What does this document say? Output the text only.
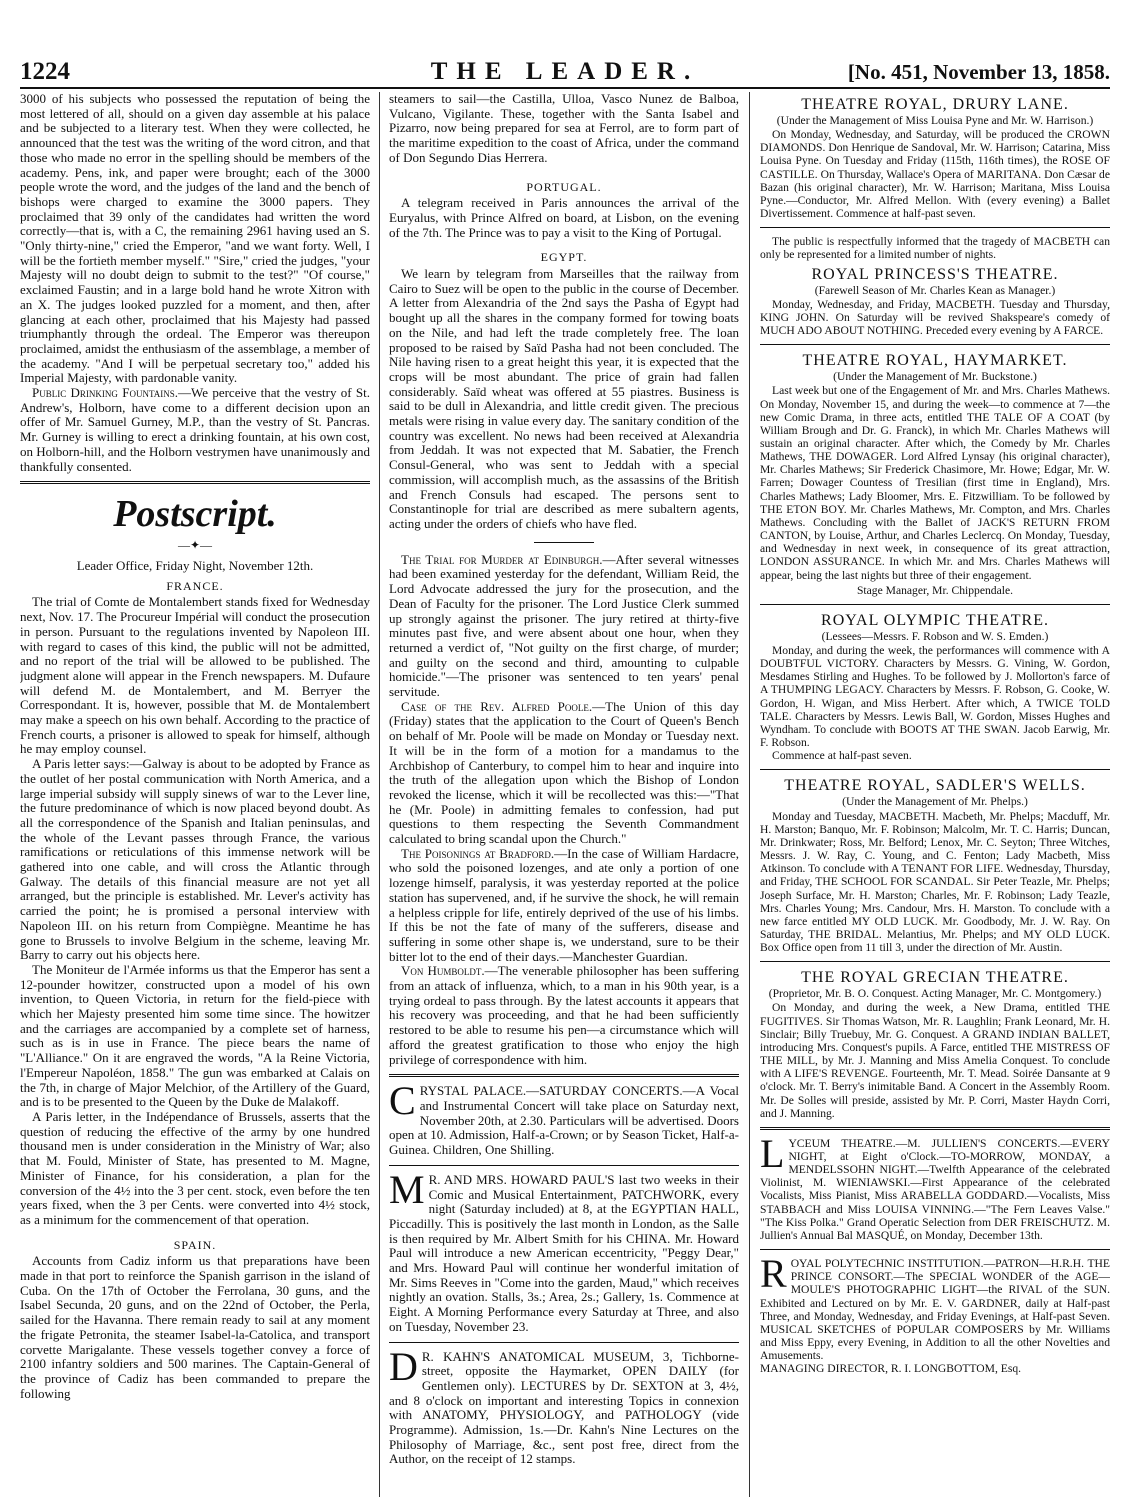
1224	THE LEADER.	[No. 451, November 13, 1858.

3000 of his subjects who possessed the reputation of being the most lettered of all, should on a given day assemble at his palace and be subjected to a literary test. When they were collected, he announced that the test was the writing of the word citron, and that those who made no error in the spelling should be members of the academy. Pens, ink, and paper were brought; each of the 3000 people wrote the word, and the judges of the land and the bench of bishops were charged to examine the 3000 papers. They proclaimed that 39 only of the candidates had written the word correctly—that is, with a C, the remaining 2961 having used an S. "Only thirty-nine," cried the Emperor, "and we want forty. Well, I will be the fortieth member myself." "Sire," cried the judges, "your Majesty will no doubt deign to submit to the test?" "Of course," exclaimed Faustin; and in a large bold hand he wrote Xitron with an X. The judges looked puzzled for a moment, and then, after glancing at each other, proclaimed that his Majesty had passed triumphantly through the ordeal. The Emperor was thereupon proclaimed, amidst the enthusiasm of the assemblage, a member of the academy. "And I will be perpetual secretary too," added his Imperial Majesty, with pardonable vanity.

Public Drinking Fountains.—We perceive that the vestry of St. Andrew's, Holborn, have come to a different decision upon an offer of Mr. Samuel Gurney, M.P., than the vestry of St. Pancras. Mr. Gurney is willing to erect a drinking fountain, at his own cost, on Holborn-hill, and the Holborn vestrymen have unanimously and thankfully consented.

Postscript.
—✦—
Leader Office, Friday Night, November 12th.
FRANCE.

The trial of Comte de Montalembert stands fixed for Wednesday next, Nov. 17. The Procureur Impérial will conduct the prosecution in person. Pursuant to the regulations invented by Napoleon III. with regard to cases of this kind, the public will not be admitted, and no report of the trial will be allowed to be published. The judgment alone will appear in the French newspapers. M. Dufaure will defend M. de Montalembert, and M. Berryer the Correspondant. It is, however, possible that M. de Montalembert may make a speech on his own behalf. According to the practice of French courts, a prisoner is allowed to speak for himself, although he may employ counsel.

A Paris letter says:—Galway is about to be adopted by France as the outlet of her postal communication with North America, and a large imperial subsidy will supply sinews of war to the Lever line, the future predominance of which is now placed beyond doubt. As all the correspondence of the Spanish and Italian peninsulas, and the whole of the Levant passes through France, the various ramifications or reticulations of this immense network will be gathered into one cable, and will cross the Atlantic through Galway. The details of this financial measure are not yet all arranged, but the principle is established. Mr. Lever's activity has carried the point; he is promised a personal interview with Napoleon III. on his return from Compiègne. Meantime he has gone to Brussels to involve Belgium in the scheme, leaving Mr. Barry to carry out his objects here.

The Moniteur de l'Armée informs us that the Emperor has sent a 12-pounder howitzer, constructed upon a model of his own invention, to Queen Victoria, in return for the field-piece with which her Majesty presented him some time since. The howitzer and the carriages are accompanied by a complete set of harness, such as is in use in France. The piece bears the name of "L'Alliance." On it are engraved the words, "A la Reine Victoria, l'Empereur Napoléon, 1858." The gun was embarked at Calais on the 7th, in charge of Major Melchior, of the Artillery of the Guard, and is to be presented to the Queen by the Duke de Malakoff.

A Paris letter, in the Indépendance of Brussels, asserts that the question of reducing the effective of the army by one hundred thousand men is under consideration in the Ministry of War; also that M. Fould, Minister of State, has presented to M. Magne, Minister of Finance, for his consideration, a plan for the conversion of the 4½ into the 3 per cent. stock, even before the ten years fixed, when the 3 per Cents. were converted into 4½ stock, as a minimum for the commencement of that operation.

SPAIN.

Accounts from Cadiz inform us that preparations have been made in that port to reinforce the Spanish garrison in the island of Cuba. On the 17th of October the Ferrolana, 30 guns, and the Isabel Secunda, 20 guns, and on the 22nd of October, the Perla, sailed for the Havanna. There remain ready to sail at any moment the frigate Petronita, the steamer Isabel-la-Catolica, and transport corvette Marigalante. These vessels together convey a force of 2100 infantry soldiers and 500 marines. The Captain-General of the province of Cadiz has been commanded to prepare the following

steamers to sail—the Castilla, Ulloa, Vasco Nunez de Balboa, Vulcano, Vigilante. These, together with the Santa Isabel and Pizarro, now being prepared for sea at Ferrol, are to form part of the maritime expedition to the coast of Africa, under the command of Don Segundo Dias Herrera.

PORTUGAL.

A telegram received in Paris announces the arrival of the Euryalus, with Prince Alfred on board, at Lisbon, on the evening of the 7th. The Prince was to pay a visit to the King of Portugal.

EGYPT.

We learn by telegram from Marseilles that the railway from Cairo to Suez will be open to the public in the course of December. A letter from Alexandria of the 2nd says the Pasha of Egypt had bought up all the shares in the company formed for towing boats on the Nile, and had left the trade completely free. The loan proposed to be raised by Saïd Pasha had not been concluded. The Nile having risen to a great height this year, it is expected that the crops will be most abundant. The price of grain had fallen considerably. Saïd wheat was offered at 55 piastres. Business is said to be dull in Alexandria, and little credit given. The precious metals were rising in value every day. The sanitary condition of the country was excellent. No news had been received at Alexandria from Jeddah. It was not expected that M. Sabatier, the French Consul-General, who was sent to Jeddah with a special commission, will accomplish much, as the assassins of the British and French Consuls had escaped. The persons sent to Constantinople for trial are described as mere subaltern agents, acting under the orders of chiefs who have fled.

The Trial for Murder at Edinburgh.—After several witnesses had been examined yesterday for the defendant, William Reid, the Lord Advocate addressed the jury for the prosecution, and the Dean of Faculty for the prisoner. The Lord Justice Clerk summed up strongly against the prisoner. The jury retired at thirty-five minutes past five, and were absent about one hour, when they returned a verdict of, "Not guilty on the first charge, of murder; and guilty on the second and third, amounting to culpable homicide."—The prisoner was sentenced to ten years' penal servitude.

Case of the Rev. Alfred Poole.—The Union of this day (Friday) states that the application to the Court of Queen's Bench on behalf of Mr. Poole will be made on Monday or Tuesday next. It will be in the form of a motion for a mandamus to the Archbishop of Canterbury, to compel him to hear and inquire into the truth of the allegation upon which the Bishop of London revoked the license, which it will be recollected was this:—"That he (Mr. Poole) in admitting females to confession, had put questions to them respecting the Seventh Commandment calculated to bring scandal upon the Church."

The Poisonings at Bradford.—In the case of William Hardacre, who sold the poisoned lozenges, and ate only a portion of one lozenge himself, paralysis, it was yesterday reported at the police station has supervened, and, if he survive the shock, he will remain a helpless cripple for life, entirely deprived of the use of his limbs. If this be not the fate of many of the sufferers, disease and suffering in some other shape is, we understand, sure to be their bitter lot to the end of their days.—Manchester Guardian.

Von Humboldt.—The venerable philosopher has been suffering from an attack of influenza, which, to a man in his 90th year, is a trying ordeal to pass through. By the latest accounts it appears that his recovery was proceeding, and that he had been sufficiently restored to be able to resume his pen—a circumstance which will afford the greatest gratification to those who enjoy the high privilege of correspondence with him.

CRYSTAL PALACE.—SATURDAY CONCERTS.—A Vocal and Instrumental Concert will take place on Saturday next, November 20th, at 2.30. Particulars will be advertised. Doors open at 10. Admission, Half-a-Crown; or by Season Ticket, Half-a-Guinea. Children, One Shilling.

M R. AND MRS. HOWARD PAUL'S last two weeks in their Comic and Musical Entertainment, PATCHWORK, every night (Saturday included) at 8, at the EGYPTIAN HALL, Piccadilly. This is positively the last month in London, as the Salle is then required by Mr. Albert Smith for his CHINA. Mr. Howard Paul will introduce a new American eccentricity, "Peggy Dear," and Mrs. Howard Paul will continue her wonderful imitation of Mr. Sims Reeves in "Come into the garden, Maud," which receives nightly an ovation. Stalls, 3s.; Area, 2s.; Gallery, 1s. Commence at Eight. A Morning Performance every Saturday at Three, and also on Tuesday, November 23.

D R. KAHN'S ANATOMICAL MUSEUM, 3, Tichborne-street, opposite the Haymarket, OPEN DAILY (for Gentlemen only). LECTURES by Dr. SEXTON at 3, 4½, and 8 o'clock on important and interesting Topics in connexion with ANATOMY, PHYSIOLOGY, and PATHOLOGY (vide Programme). Admission, 1s.—Dr. Kahn's Nine Lectures on the Philosophy of Marriage, &c., sent post free, direct from the Author, on the receipt of 12 stamps.

THEATRE ROYAL, DRURY LANE.
(Under the Management of Miss Louisa Pyne and Mr. W. Harrison.)

On Monday, Wednesday, and Saturday, will be produced the CROWN DIAMONDS. Don Henrique de Sandoval, Mr. W. Harrison; Catarina, Miss Louisa Pyne. On Tuesday and Friday (115th, 116th times), the ROSE OF CASTILLE. On Thursday, Wallace's Opera of MARITANA. Don Cæsar de Bazan (his original character), Mr. W. Harrison; Maritana, Miss Louisa Pyne.—Conductor, Mr. Alfred Mellon. With (every evening) a Ballet Divertissement. Commence at half-past seven.

The public is respectfully informed that the tragedy of MACBETH can only be represented for a limited number of nights.

ROYAL PRINCESS'S THEATRE.
(Farewell Season of Mr. Charles Kean as Manager.)

Monday, Wednesday, and Friday, MACBETH. Tuesday and Thursday, KING JOHN. On Saturday will be revived Shakspeare's comedy of MUCH ADO ABOUT NOTHING. Preceded every evening by A FARCE.

THEATRE ROYAL, HAYMARKET.
(Under the Management of Mr. Buckstone.)

Last week but one of the Engagement of Mr. and Mrs. Charles Mathews. On Monday, November 15, and during the week—to commence at 7—the new Comic Drama, in three acts, entitled THE TALE OF A COAT (by William Brough and Dr. G. Franck), in which Mr. Charles Mathews will sustain an original character. After which, the Comedy by Mr. Charles Mathews, THE DOWAGER. Lord Alfred Lynsay (his original character), Mr. Charles Mathews; Sir Frederick Chasimore, Mr. Howe; Edgar, Mr. W. Farren; Dowager Countess of Tresilian (first time in England), Mrs. Charles Mathews; Lady Bloomer, Mrs. E. Fitzwilliam. To be followed by THE ETON BOY. Mr. Charles Mathews, Mr. Compton, and Mrs. Charles Mathews. Concluding with the Ballet of JACK'S RETURN FROM CANTON, by Louise, Arthur, and Charles Leclercq. On Monday, Tuesday, and Wednesday in next week, in consequence of its great attraction, LONDON ASSURANCE. In which Mr. and Mrs. Charles Mathews will appear, being the last nights but three of their engagement.

Stage Manager, Mr. Chippendale.
ROYAL OLYMPIC THEATRE.
(Lessees—Messrs. F. Robson and W. S. Emden.)

Monday, and during the week, the performances will commence with A DOUBTFUL VICTORY. Characters by Messrs. G. Vining, W. Gordon, Mesdames Stirling and Hughes. To be followed by J. Mollorton's farce of A THUMPING LEGACY. Characters by Messrs. F. Robson, G. Cooke, W. Gordon, H. Wigan, and Miss Herbert. After which, A TWICE TOLD TALE. Characters by Messrs. Lewis Ball, W. Gordon, Misses Hughes and Wyndham. To conclude with BOOTS AT THE SWAN. Jacob Earwig, Mr. F. Robson.

Commence at half-past seven.

THEATRE ROYAL, SADLER'S WELLS.
(Under the Management of Mr. Phelps.)

Monday and Tuesday, MACBETH. Macbeth, Mr. Phelps; Macduff, Mr. H. Marston; Banquo, Mr. F. Robinson; Malcolm, Mr. T. C. Harris; Duncan, Mr. Drinkwater; Ross, Mr. Belford; Lenox, Mr. C. Seyton; Three Witches, Messrs. J. W. Ray, C. Young, and C. Fenton; Lady Macbeth, Miss Atkinson. To conclude with A TENANT FOR LIFE. Wednesday, Thursday, and Friday, THE SCHOOL FOR SCANDAL. Sir Peter Teazle, Mr. Phelps; Joseph Surface, Mr. H. Marston; Charles, Mr. F. Robinson; Lady Teazle, Mrs. Charles Young; Mrs. Candour, Mrs. H. Marston. To conclude with a new farce entitled MY OLD LUCK. Mr. Goodbody, Mr. J. W. Ray. On Saturday, THE BRIDAL. Melantius, Mr. Phelps; and MY OLD LUCK. Box Office open from 11 till 3, under the direction of Mr. Austin.

THE ROYAL GRECIAN THEATRE.
(Proprietor, Mr. B. O. Conquest. Acting Manager, Mr. C. Montgomery.)

On Monday, and during the week, a New Drama, entitled THE FUGITIVES. Sir Thomas Watson, Mr. R. Laughlin; Frank Leonard, Mr. H. Sinclair; Billy Truebuy, Mr. G. Conquest. A GRAND INDIAN BALLET, introducing Mrs. Conquest's pupils. A Farce, entitled THE MISTRESS OF THE MILL, by Mr. J. Manning and Miss Amelia Conquest. To conclude with A LIFE'S REVENGE. Fourteenth, Mr. T. Mead. Soirée Dansante at 9 o'clock. Mr. T. Berry's inimitable Band. A Concert in the Assembly Room. Mr. De Solles will preside, assisted by Mr. P. Corri, Master Haydn Corri, and J. Manning.

LYCEUM THEATRE.—M. JULLIEN'S CONCERTS.—EVERY NIGHT, at Eight o'Clock.—TO-MORROW, MONDAY, a MENDELSSOHN NIGHT.—Twelfth Appearance of the celebrated Violinist, M. WIENIAWSKI.—First Appearance of the celebrated Vocalists, Miss Pianist, Miss ARABELLA GODDARD.—Vocalists, Miss STABBACH and Miss LOUISA VINNING.—"The Fern Leaves Valse." "The Kiss Polka." Grand Operatic Selection from DER FREISCHUTZ. M. Jullien's Annual Bal MASQUÉ, on Monday, December 13th.

ROYAL POLYTECHNIC INSTITUTION.—PATRON—H.R.H. THE PRINCE CONSORT.—The SPECIAL WONDER of the AGE—MOULE'S PHOTOGRAPHIC LIGHT—the RIVAL of the SUN. Exhibited and Lectured on by Mr. E. V. GARDNER, daily at Half-past Three, and Monday, Wednesday, and Friday Evenings, at Half-past Seven. MUSICAL SKETCHES of POPULAR COMPOSERS by Mr. Williams and Miss Eppy, every Evening, in Addition to all the other Novelties and Amusements.

MANAGING DIRECTOR, R. I. LONGBOTTOM, Esq.
